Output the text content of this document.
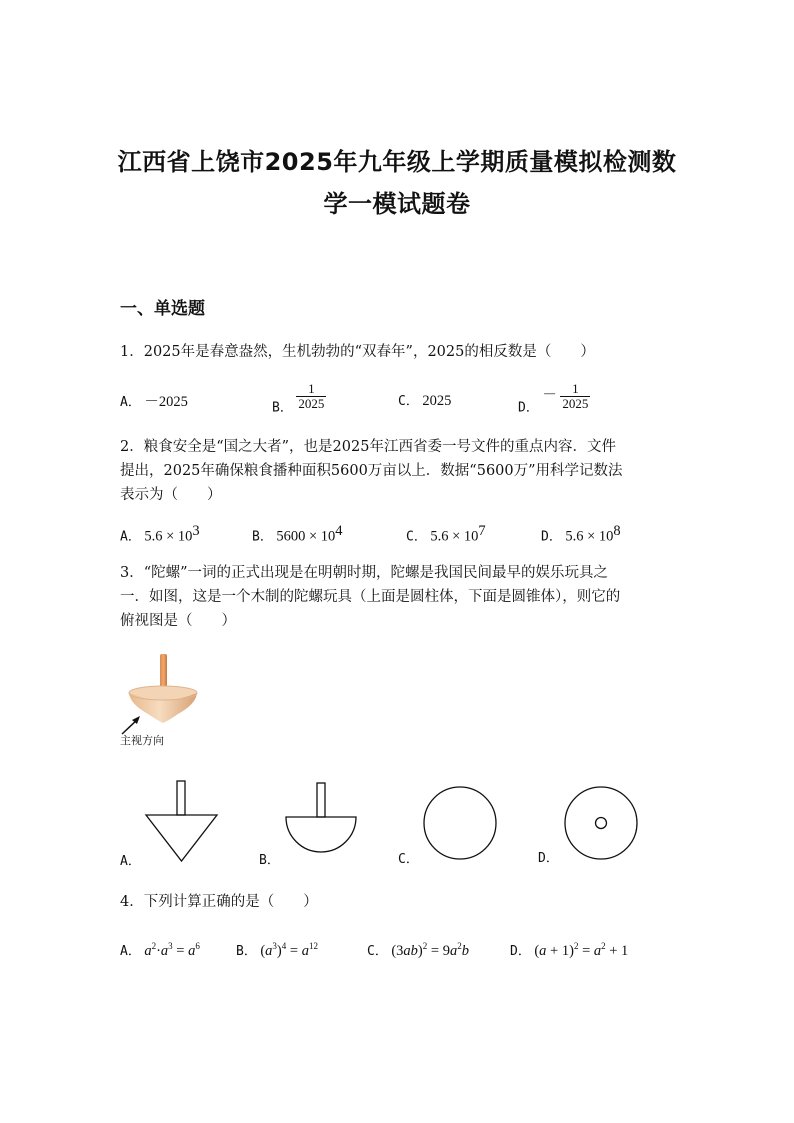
江西省上饶市2025年九年级上学期质量模拟检测数
学一模试题卷
一、单选题
1．2025年是春意盎然，生机勃勃的“双春年”，2025的相反数是（　　）
A． －2025	B． $\frac{1}{2025}$	C． 2025	D． － $\frac{1}{2025}$
2．粮食安全是“国之大者”，也是2025年江西省委一号文件的重点内容．文件
提出，2025年确保粮食播种面积5600万亩以上．数据“5600万”用科学记数法
表示为（　　）
A． $5.6 \times 10^3$	B． $5600 \times 10^4$	C． $5.6 \times 10^7$	D． $5.6 \times 10^8$
3．“陀螺”一词的正式出现是在明朝时期，陀螺是我国民间最早的娱乐玩具之
一．如图，这是一个木制的陀螺玩具（上面是圆柱体，下面是圆锥体），则它的
俯视图是（　　）
主视方向
A．	B．	C．	D．
4．下列计算正确的是（　　）
A． $a^2\cdot a^3 = a^6$	B． $(a^3)^4 = a^{12}$	C． $(3ab)^2 = 9a^2b$	D． $(a + 1)^2 = a^2 + 1$
